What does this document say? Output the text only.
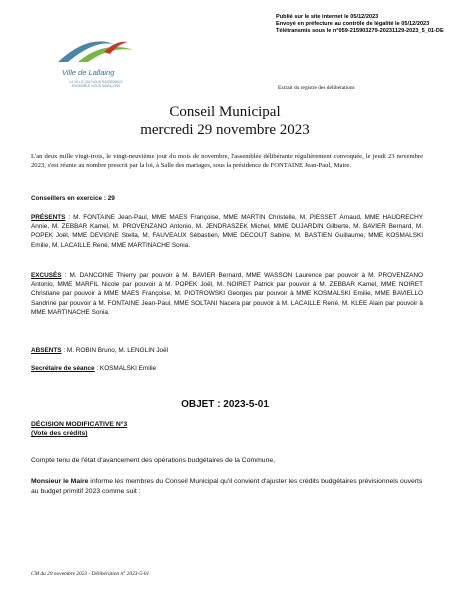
Publié sur le site internet le 05/12/2023
Envoyé en préfecture au contrôle de légalité le 05/12/2023
Télétransmis sous le n°059-215903279-20231129-2023_5_01-DE
Ville de Lallaing
LA VILLE QUI NOUS RASSEMBLE
ENSEMBLE NOUS AVANÇONS	Extrait du registre des délibérations
Conseil Municipal
mercredi 29 novembre 2023
L'an deux mille vingt-trois, le vingt-neuvième jour du mois de novembre, l'assemblée délibérante régulièrement convoquée, le jeudi 23 novembre 2023, s'est réunie au nombre prescrit par la loi, à Salle des mariages, sous la présidence de FONTAINE Jean-Paul, Maire.
Conseillers en exercice : 29
PRÉSENTS : M. FONTAINE Jean-Paul, MME MAES Françoise, MME MARTIN Christelle, M. PIESSET Arnaud, MME HAUDRECHY Annie, M. ZEBBAR Kamel, M. PROVENZANO Antonio, M. JENDRASZEK Michel, MME DUJARDIN Gilberte, M. BAVIER Bernard, M. POPEK Joël, MME DEVIGNE Stella, M. FAUVEAUX Sébastien, MME DECOUT Sabine, M. BASTIEN Guillaume, MME KOSMALSKI Emilie, M. LACAILLE René, MME MARTINACHE Sonia.
EXCUSÉS : M. DANCOINE Thierry par pouvoir à M. BAVIER Bernard, MME WASSON Laurence par pouvoir à M. PROVENZANO Antonio, MME MARFIL Nicole par pouvoir à M. POPEK Joël, M. NOIRET Patrick par pouvoir à M. ZEBBAR Kamel, MME NOIRET Christiane par pouvoir à MME MAES Françoise, M. PIOTROWSKI Georges par pouvoir à MME KOSMALSKI Emilie, MME BAVIELLO Sandrine par pouvoir à M. FONTAINE Jean-Paul, MME SOLTANI Nacera par pouvoir à M. LACAILLE René, M. KLEE Alain par pouvoir à MME MARTINACHE Sonia.
ABSENTS : M. ROBIN Bruno, M. LENGLIN Joël
Secrétaire de séance : KOSMALSKI Emilie
OBJET : 2023-5-01
DÉCISION MODIFICATIVE N°3
(Vote des crédits)
Compte tenu de l'état d'avancement des opérations budgétaires de la Commune,
Monsieur le Maire informe les membres du Conseil Municipal qu'il convient d'ajuster les crédits budgétaires prévisionnels ouverts au budget primitif 2023 comme suit :
CM du 29 novembre 2023 - Délibération n° 2023-5-01
